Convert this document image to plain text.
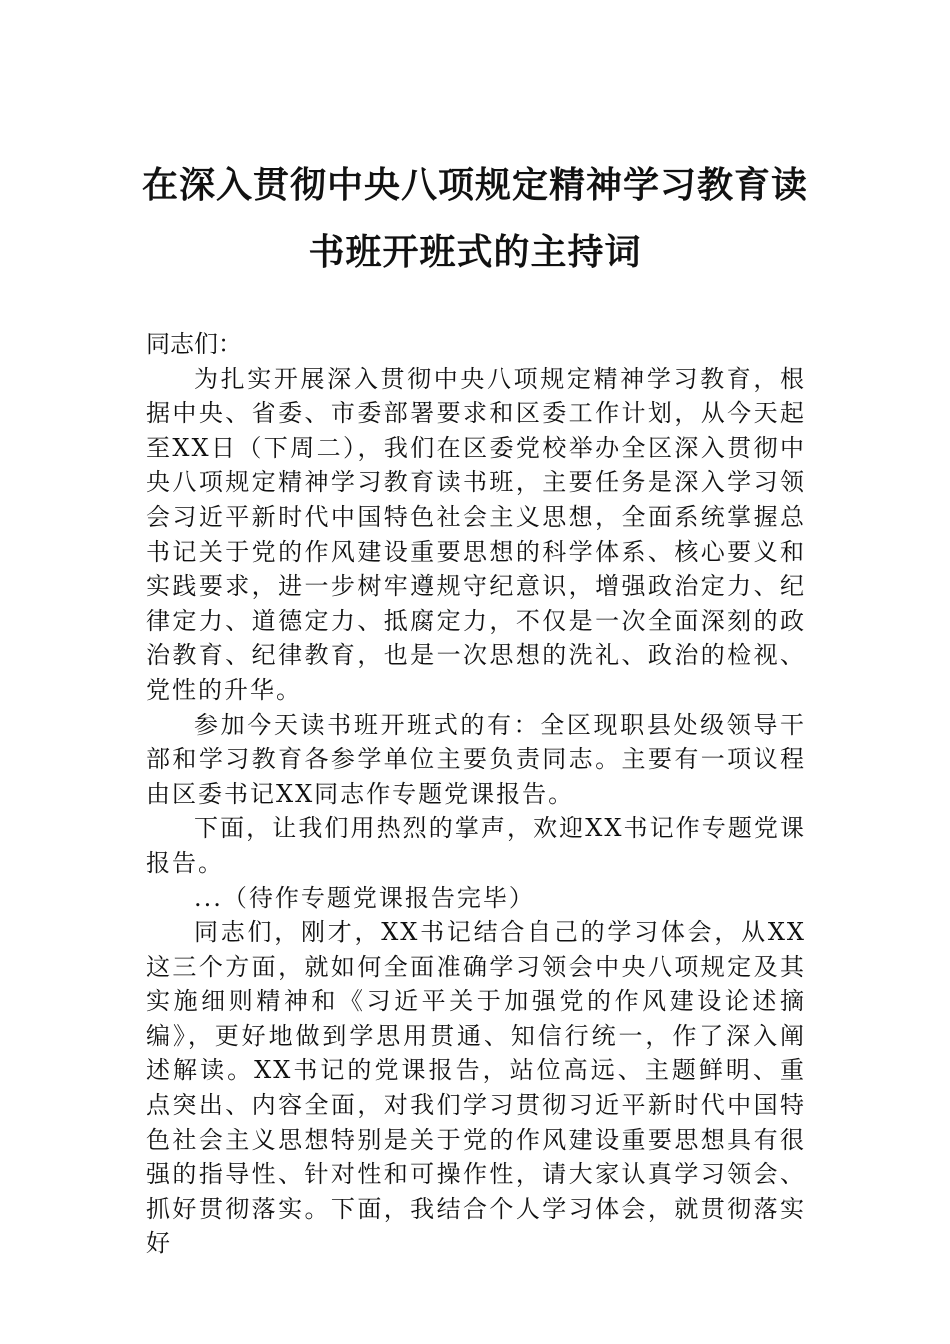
在深入贯彻中央八项规定精神学习教育读
书班开班式的主持词

同志们：

为扎实开展深入贯彻中央八项规定精神学习教育，根据中央、省委、市委部署要求和区委工作计划，从今天起至XX日（下周二），我们在区委党校举办全区深入贯彻中央八项规定精神学习教育读书班，主要任务是深入学习领会习近平新时代中国特色社会主义思想，全面系统掌握总书记关于党的作风建设重要思想的科学体系、核心要义和实践要求，进一步树牢遵规守纪意识，增强政治定力、纪律定力、道德定力、抵腐定力，不仅是一次全面深刻的政治教育、纪律教育，也是一次思想的洗礼、政治的检视、党性的升华。

参加今天读书班开班式的有：全区现职县处级领导干部和学习教育各参学单位主要负责同志。主要有一项议程由区委书记XX同志作专题党课报告。

下面，让我们用热烈的掌声，欢迎XX书记作专题党课报告。

...（待作专题党课报告完毕）

同志们，刚才，XX书记结合自己的学习体会，从XX这三个方面，就如何全面准确学习领会中央八项规定及其实施细则精神和《习近平关于加强党的作风建设论述摘编》，更好地做到学思用贯通、知信行统一，作了深入阐述解读。XX书记的党课报告，站位高远、主题鲜明、重点突出、内容全面，对我们学习贯彻习近平新时代中国特色社会主义思想特别是关于党的作风建设重要思想具有很强的指导性、针对性和可操作性，请大家认真学习领会、抓好贯彻落实。下面，我结合个人学习体会，就贯彻落实好
